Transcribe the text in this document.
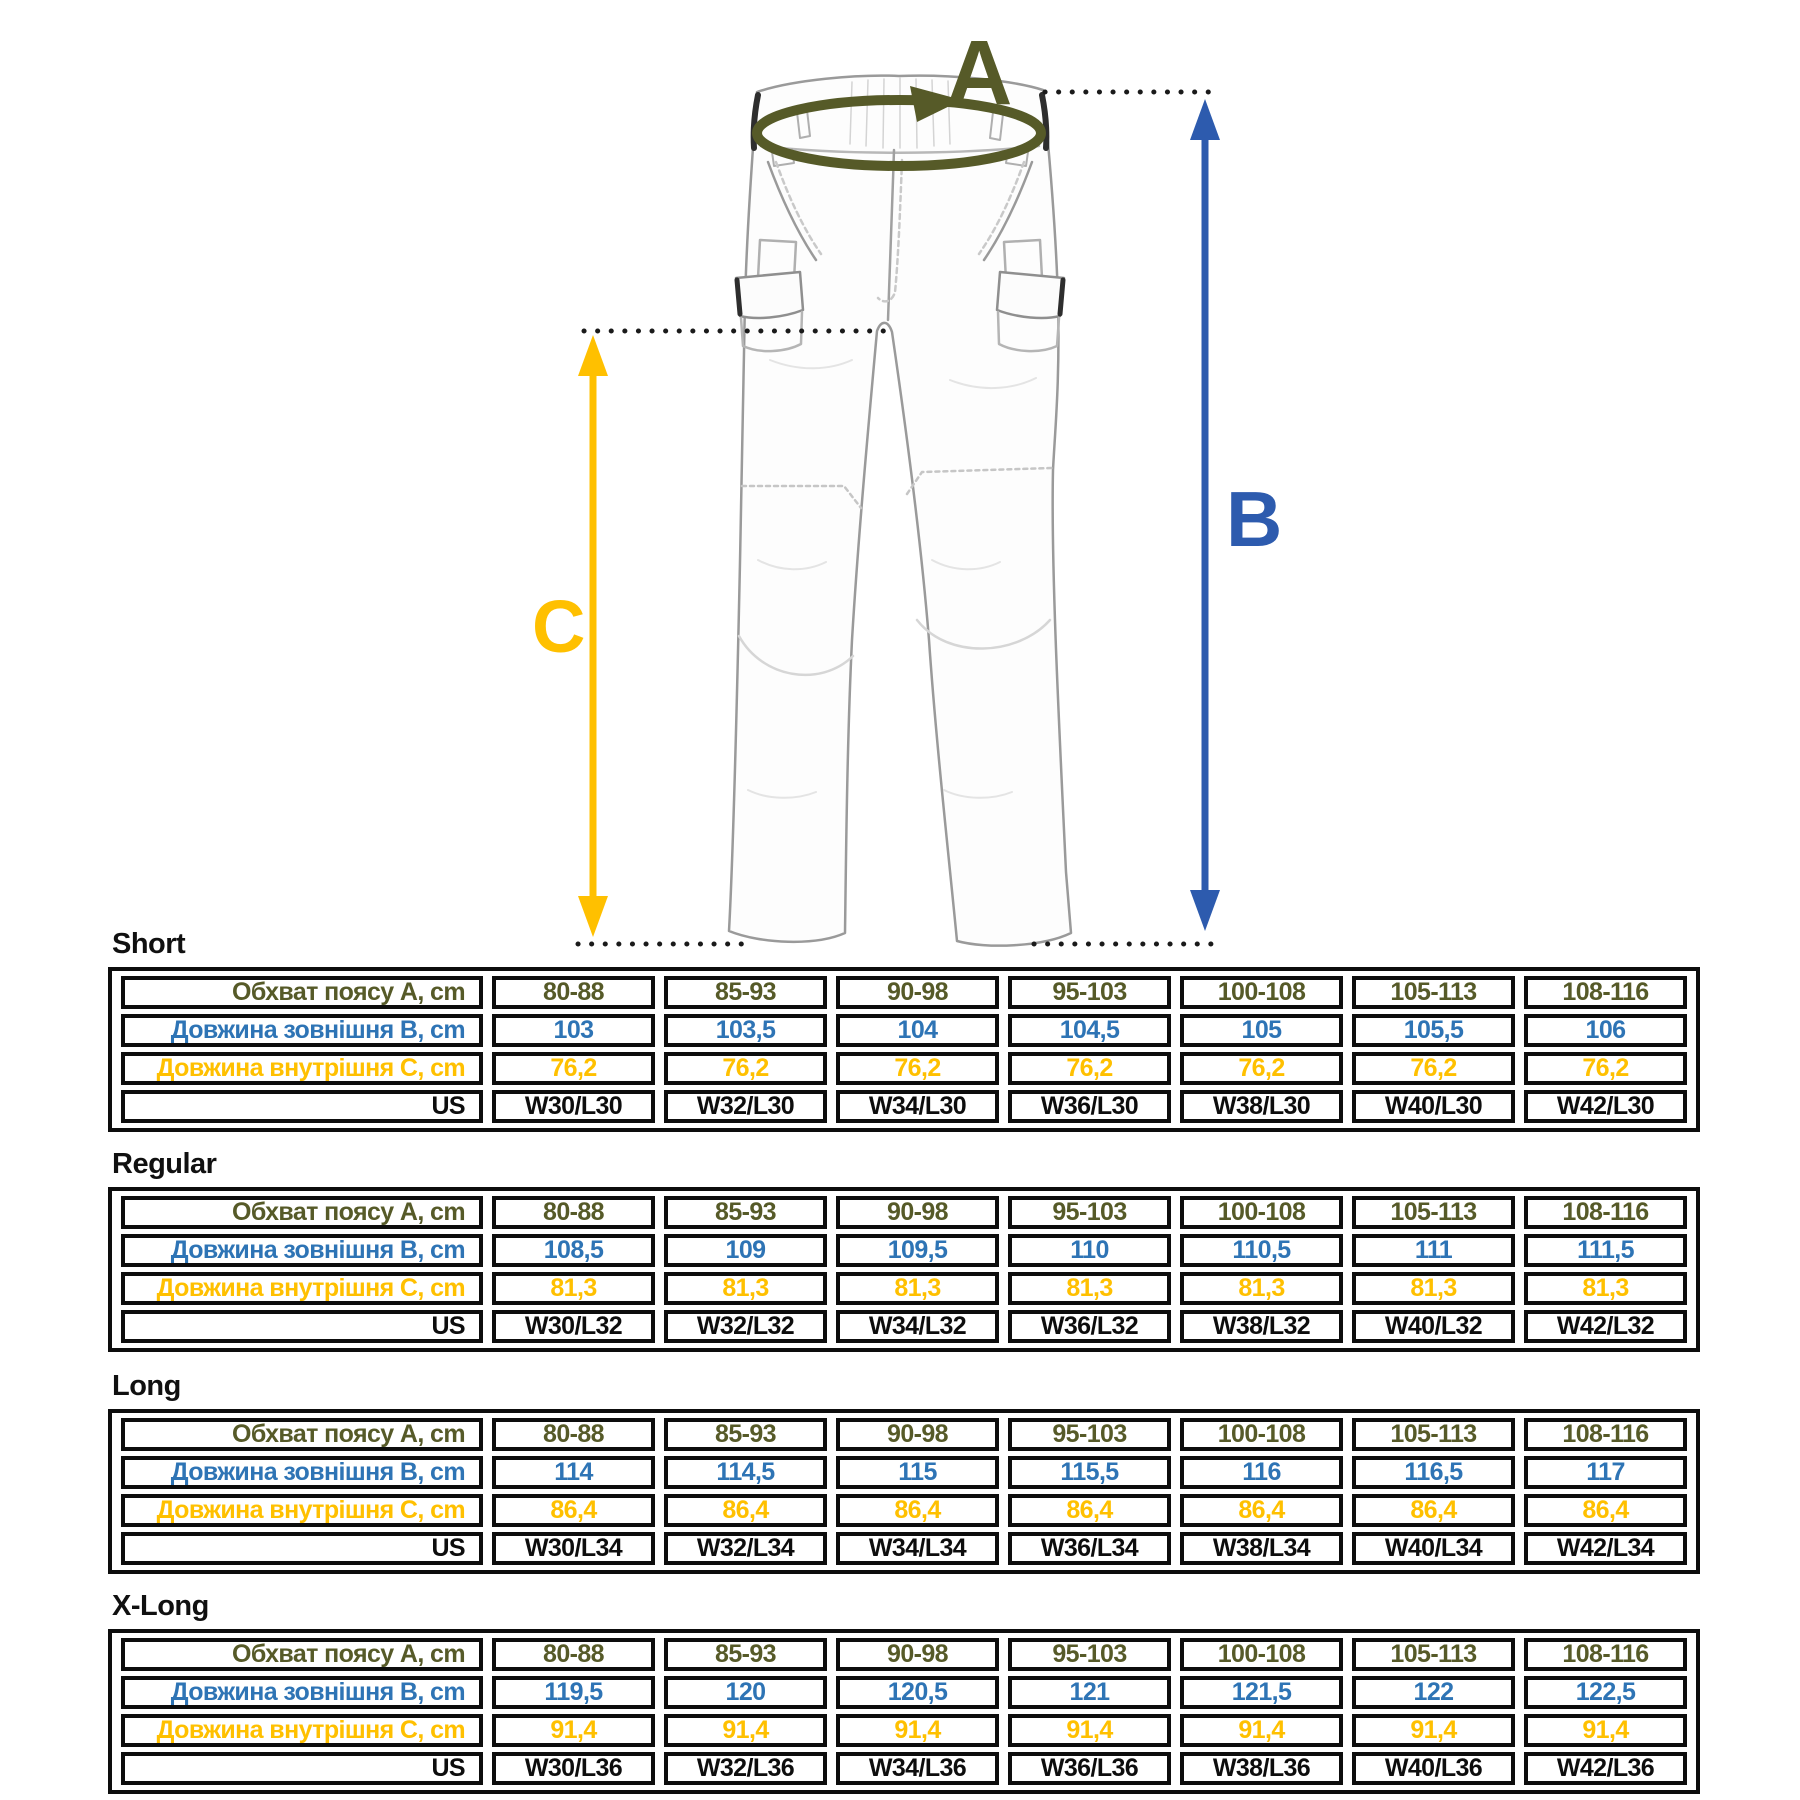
A
B
C
Short
Обхват поясу A, cm	80-88	85-93	90-98	95-103	100-108	105-113	108-116
Довжина зовнішня B, cm	103	103,5	104	104,5	105	105,5	106
Довжина внутрішня C, cm	76,2	76,2	76,2	76,2	76,2	76,2	76,2
US	W30/L30	W32/L30	W34/L30	W36/L30	W38/L30	W40/L30	W42/L30
Regular
Обхват поясу A, cm	80-88	85-93	90-98	95-103	100-108	105-113	108-116
Довжина зовнішня B, cm	108,5	109	109,5	110	110,5	111	111,5
Довжина внутрішня C, cm	81,3	81,3	81,3	81,3	81,3	81,3	81,3
US	W30/L32	W32/L32	W34/L32	W36/L32	W38/L32	W40/L32	W42/L32
Long
Обхват поясу A, cm	80-88	85-93	90-98	95-103	100-108	105-113	108-116
Довжина зовнішня B, cm	114	114,5	115	115,5	116	116,5	117
Довжина внутрішня C, cm	86,4	86,4	86,4	86,4	86,4	86,4	86,4
US	W30/L34	W32/L34	W34/L34	W36/L34	W38/L34	W40/L34	W42/L34
X-Long
Обхват поясу A, cm	80-88	85-93	90-98	95-103	100-108	105-113	108-116
Довжина зовнішня B, cm	119,5	120	120,5	121	121,5	122	122,5
Довжина внутрішня C, cm	91,4	91,4	91,4	91,4	91,4	91,4	91,4
US	W30/L36	W32/L36	W34/L36	W36/L36	W38/L36	W40/L36	W42/L36
